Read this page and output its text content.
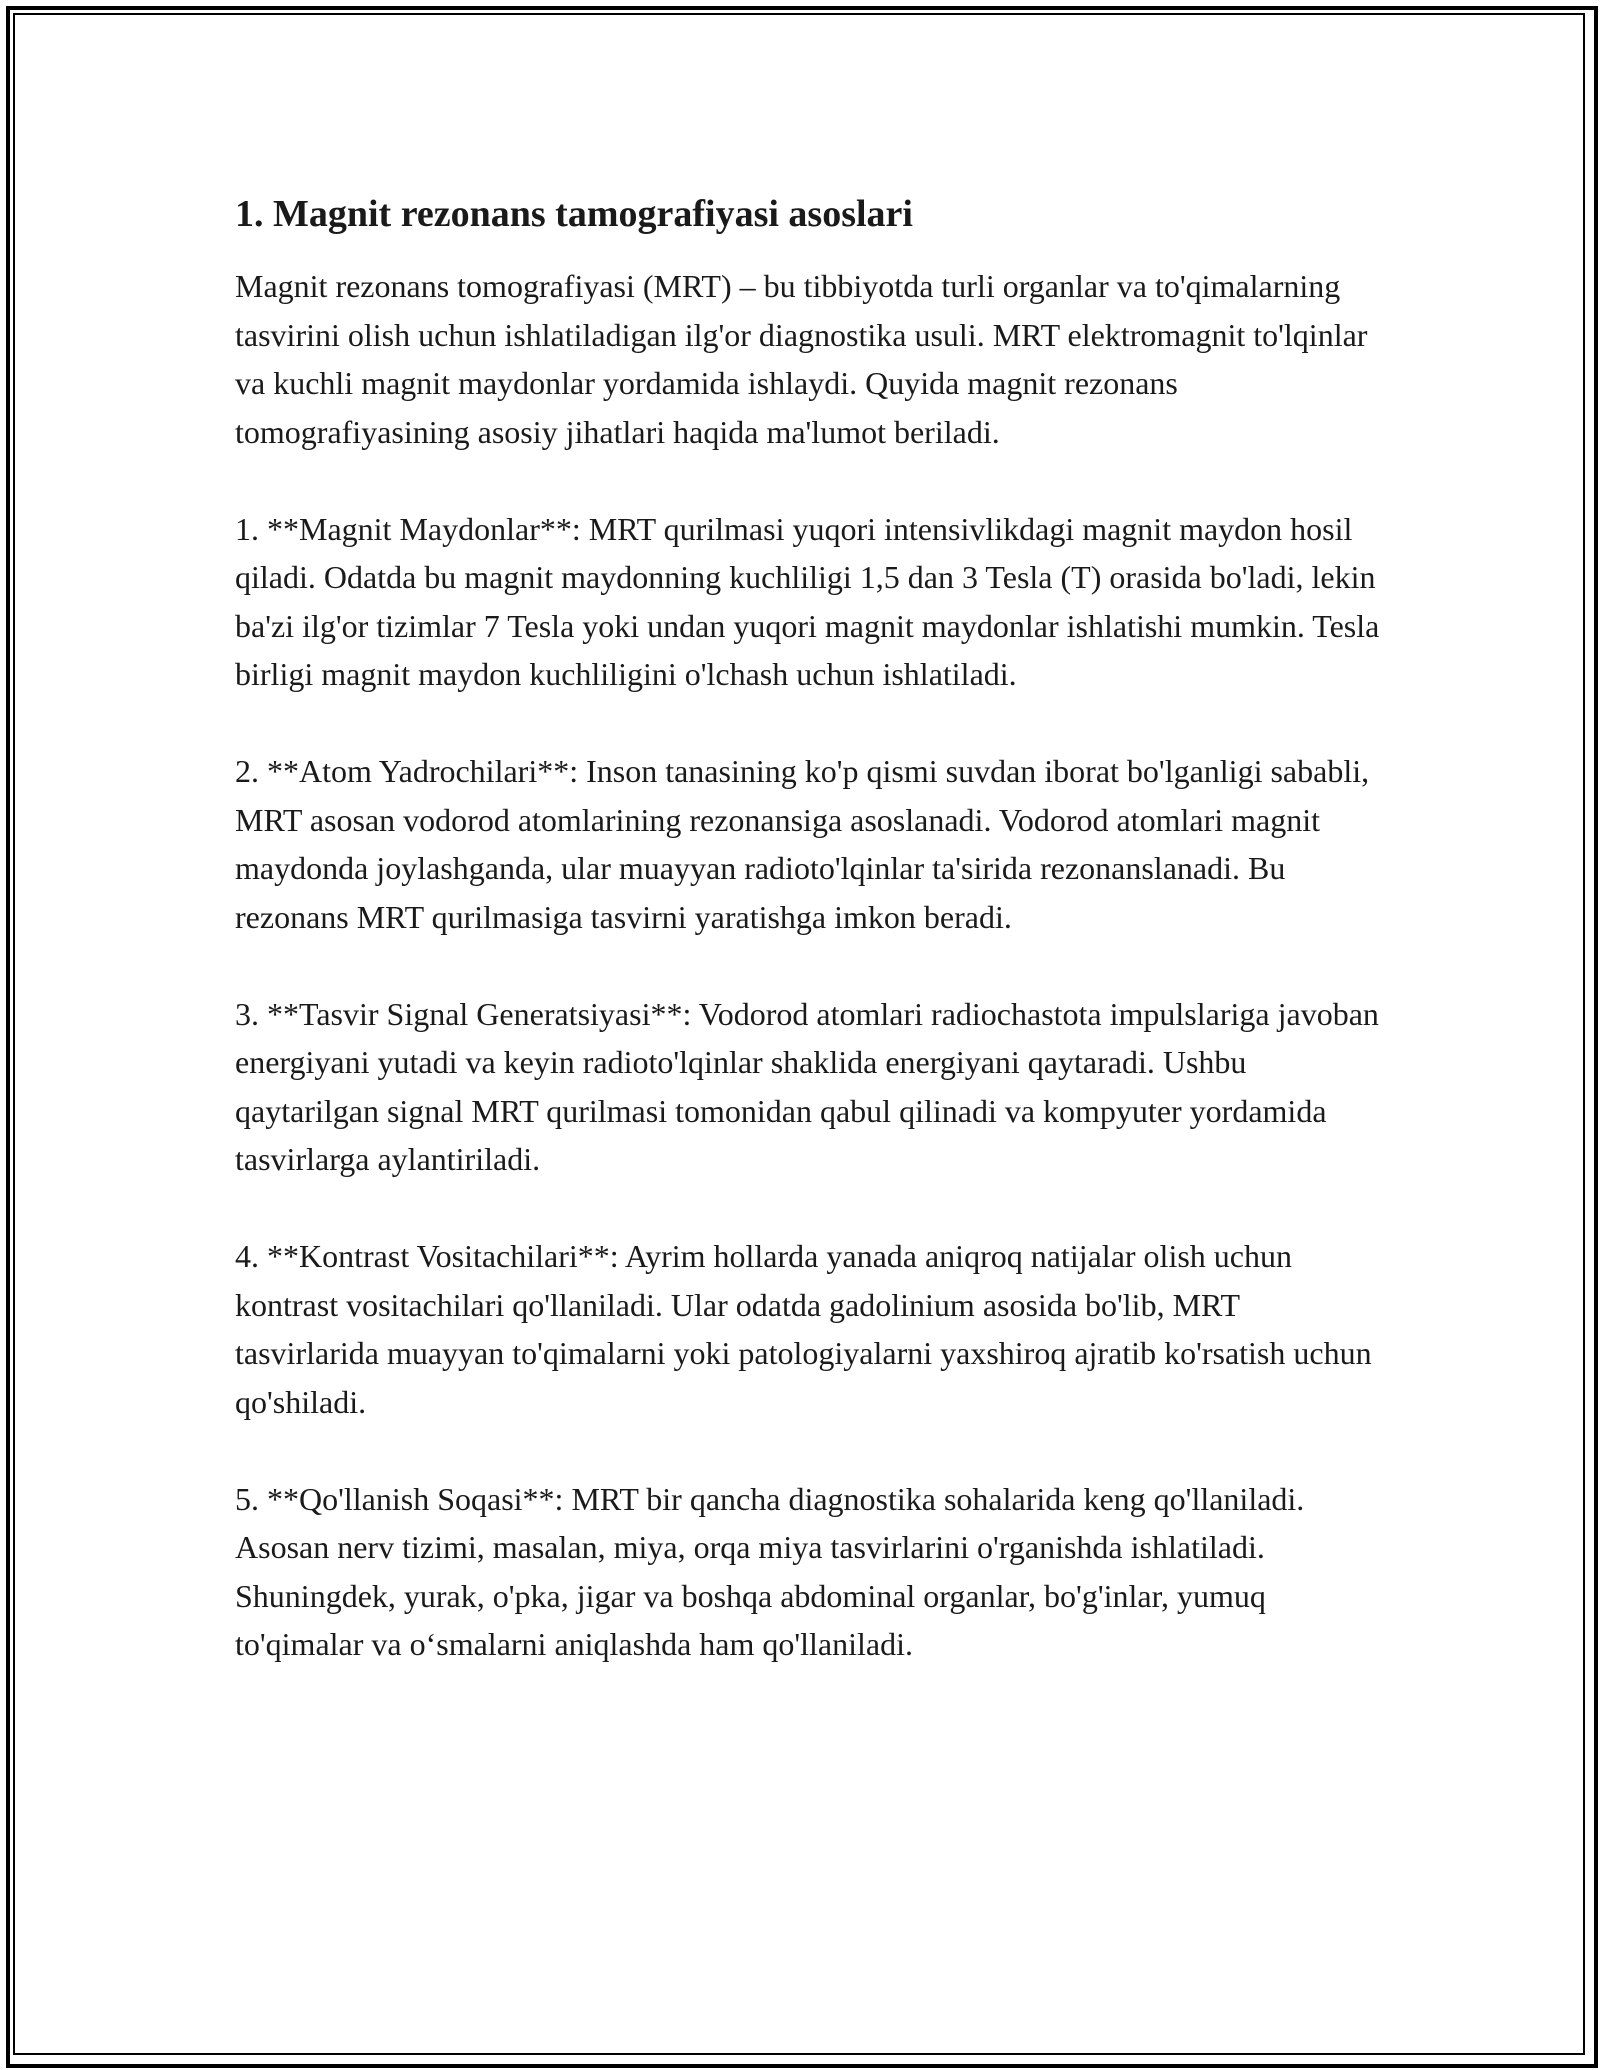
1. Magnit rezonans tamografiyasi asoslari

Magnit rezonans tomografiyasi (MRT) – bu tibbiyotda turli organlar va to'qimalarning tasvirini olish uchun ishlatiladigan ilg'or diagnostika usuli. MRT elektromagnit to'lqinlar va kuchli magnit maydonlar yordamida ishlaydi. Quyida magnit rezonans tomografiyasining asosiy jihatlari haqida ma'lumot beriladi.

1. **Magnit Maydonlar**: MRT qurilmasi yuqori intensivlikdagi magnit maydon hosil qiladi. Odatda bu magnit maydonning kuchliligi 1,5 dan 3 Tesla (T) orasida bo'ladi, lekin ba'zi ilg'or tizimlar 7 Tesla yoki undan yuqori magnit maydonlar ishlatishi mumkin. Tesla birligi magnit maydon kuchliligini o'lchash uchun ishlatiladi.

2. **Atom Yadrochilari**: Inson tanasining ko'p qismi suvdan iborat bo'lganligi sababli, MRT asosan vodorod atomlarining rezonansiga asoslanadi. Vodorod atomlari magnit maydonda joylashganda, ular muayyan radioto'lqinlar ta'sirida rezonanslanadi. Bu rezonans MRT qurilmasiga tasvirni yaratishga imkon beradi.

3. **Tasvir Signal Generatsiyasi**: Vodorod atomlari radiochastota impulslariga javoban energiyani yutadi va keyin radioto'lqinlar shaklida energiyani qaytaradi. Ushbu qaytarilgan signal MRT qurilmasi tomonidan qabul qilinadi va kompyuter yordamida tasvirlarga aylantiriladi.

4. **Kontrast Vositachilari**: Ayrim hollarda yanada aniqroq natijalar olish uchun kontrast vositachilari qo'llaniladi. Ular odatda gadolinium asosida bo'lib, MRT tasvirlarida muayyan to'qimalarni yoki patologiyalarni yaxshiroq ajratib ko'rsatish uchun qo'shiladi.

5. **Qo'llanish Soqasi**: MRT bir qancha diagnostika sohalarida keng qo'llaniladi. Asosan nerv tizimi, masalan, miya, orqa miya tasvirlarini o'rganishda ishlatiladi. Shuningdek, yurak, o'pka, jigar va boshqa abdominal organlar, bo'g'inlar, yumuq to'qimalar va o‘smalarni aniqlashda ham qo'llaniladi.
